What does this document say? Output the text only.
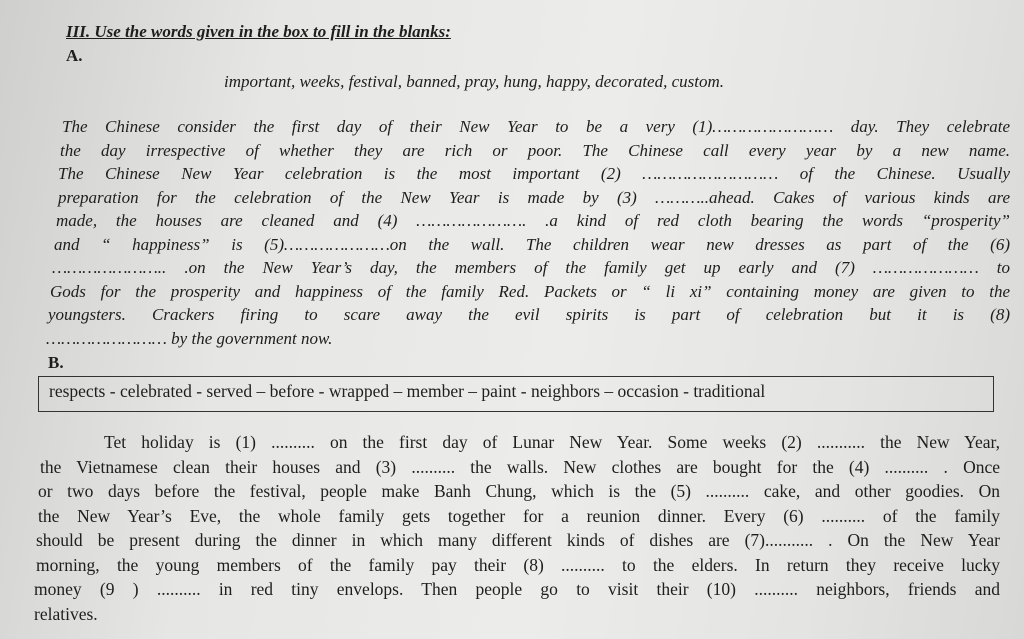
III. Use the words given in the box to fill in the blanks:
A.
important, weeks, festival, banned, pray, hung, happy, decorated, custom.
The Chinese consider the first day of their New Year to be a very (1)…………………… day. They celebrate
the day irrespective of whether they are rich or poor. The Chinese call every year by a new name.
The Chinese New Year celebration is the most important (2) ……………………… of the Chinese. Usually
preparation for the celebration of the New Year is made by (3) ………..ahead. Cakes of various kinds are
made, the houses are cleaned and (4) …………………. .a kind of red cloth bearing the words “prosperity”
and “ happiness” is (5)…………………on the wall. The children wear new dresses as part of the (6)
………………….. .on the New Year’s day, the members of the family get up early and (7) ………………… to
Gods for the prosperity and happiness of the family Red. Packets or “ li xi” containing money are given to the
youngsters. Crackers firing to scare away the evil spirits is part of celebration but it is (8)
…………………… by the government now.
B.
respects - celebrated - served – before - wrapped – member – paint - neighbors – occasion - traditional
Tet holiday is (1) .......... on the first day of Lunar New Year. Some weeks (2) ........... the New Year,
the Vietnamese clean their houses and (3) .......... the walls. New clothes are bought for the (4) .......... . Once
or two days before the festival, people make Banh Chung, which is the (5) .......... cake, and other goodies. On
the New Year’s Eve, the whole family gets together for a reunion dinner. Every (6) .......... of the family
should be present during the dinner in which many different kinds of dishes are (7)........... . On the New Year
morning, the young members of the family pay their (8) .......... to the elders. In return they receive lucky
money (9 ) .......... in red tiny envelops. Then people go to visit their (10) .......... neighbors, friends and
relatives.
